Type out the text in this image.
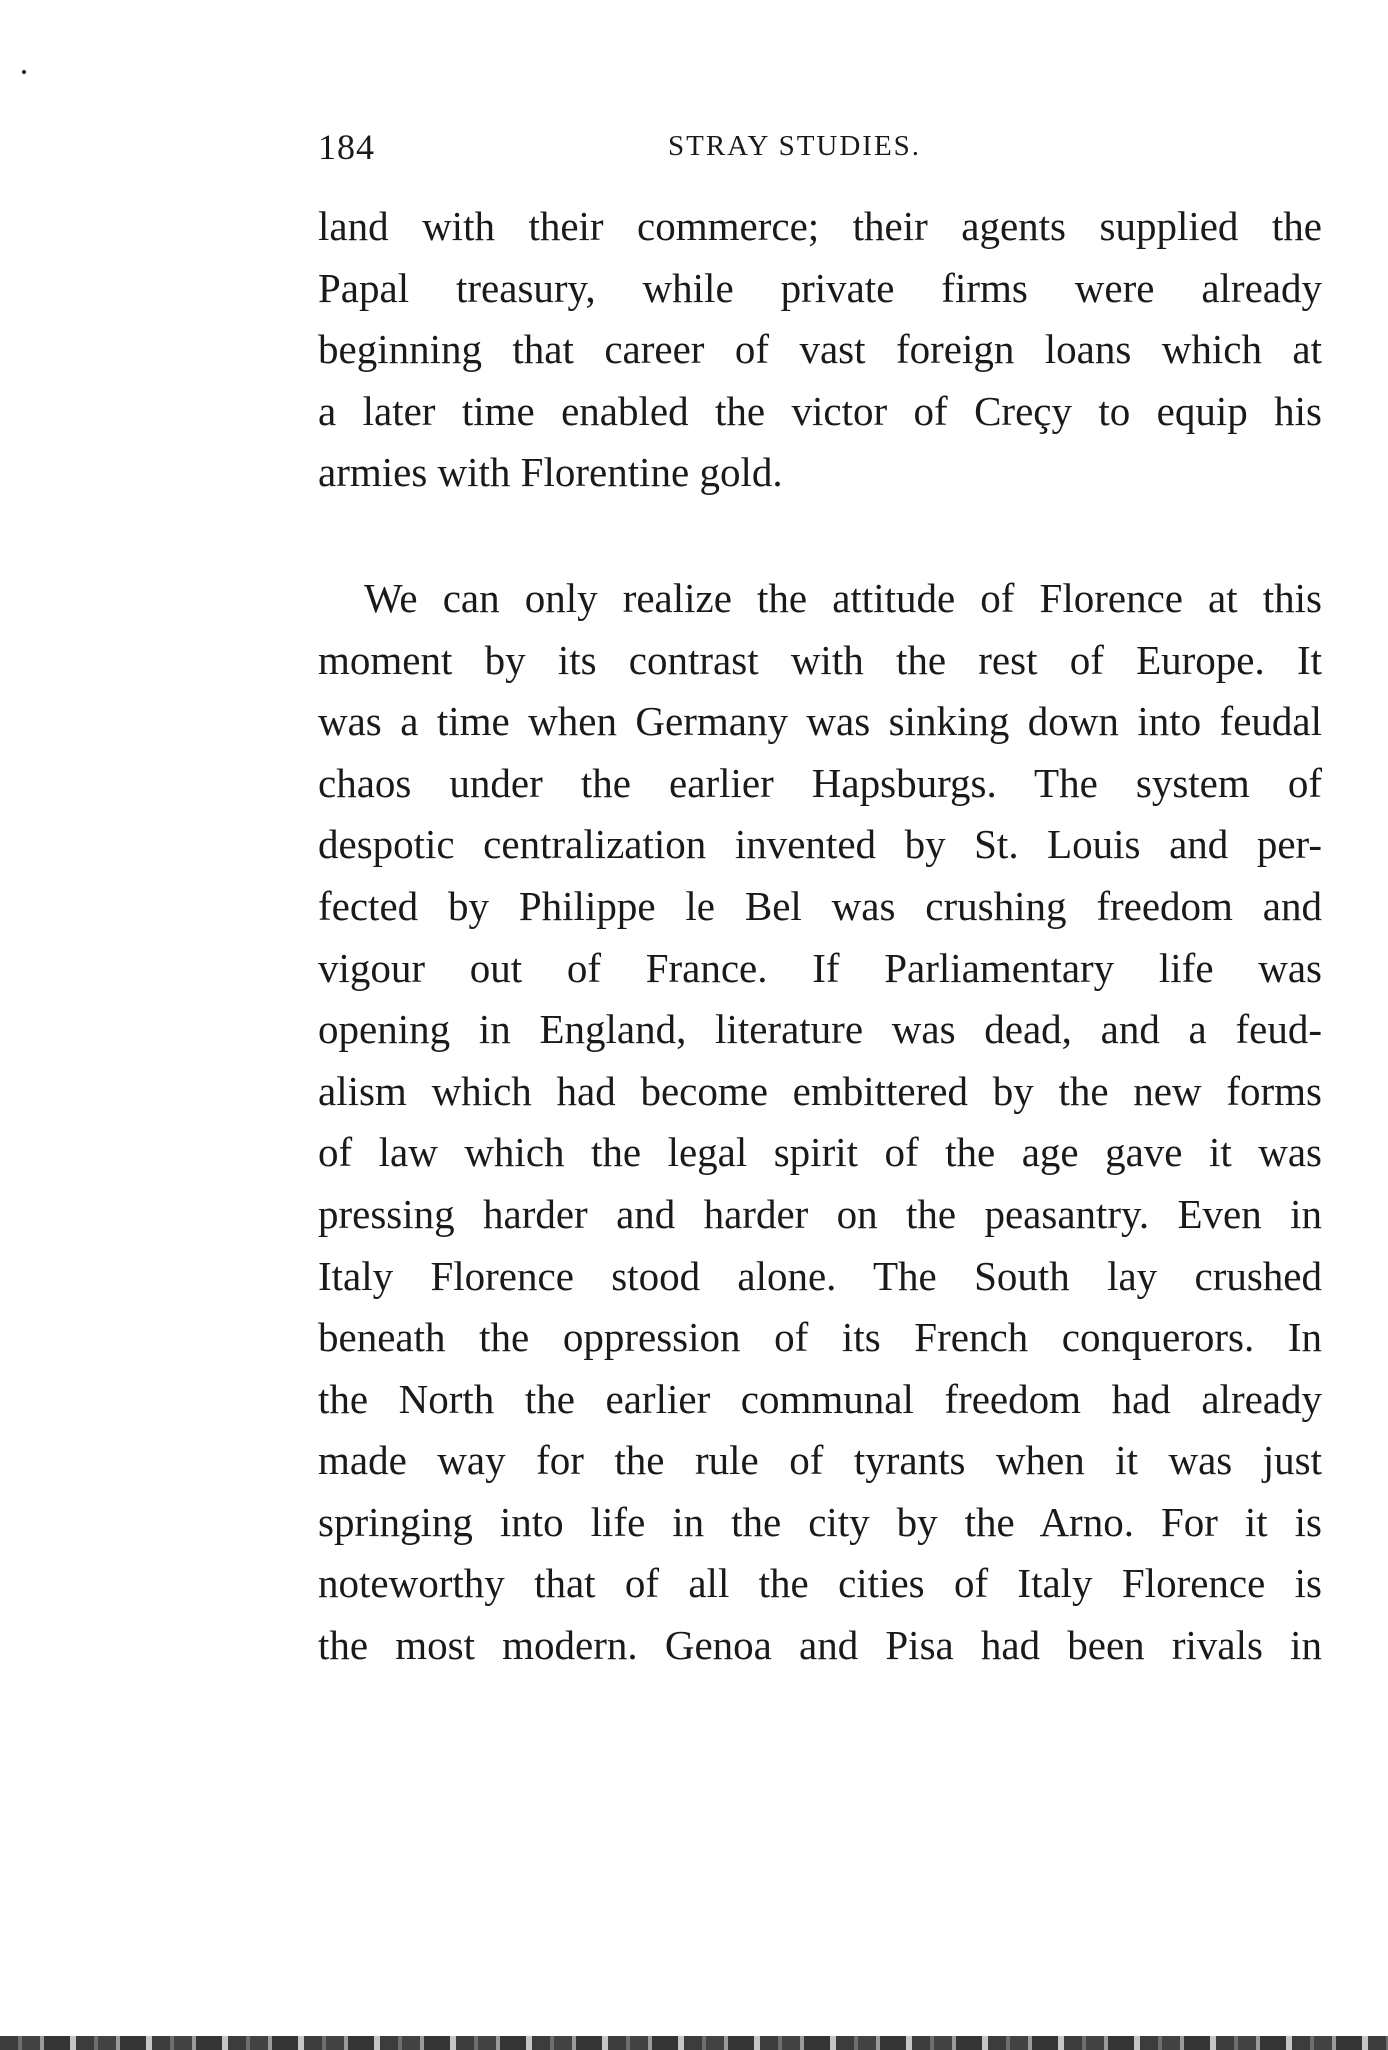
184	STRAY STUDIES.
land with their commerce; their agents supplied the
Papal treasury, while private firms were already
beginning that career of vast foreign loans which at
a later time enabled the victor of Creçy to equip his
armies with Florentine gold.
We can only realize the attitude of Florence at this
moment by its contrast with the rest of Europe. It
was a time when Germany was sinking down into feudal
chaos under the earlier Hapsburgs. The system of
despotic centralization invented by St. Louis and per-
fected by Philippe le Bel was crushing freedom and
vigour out of France. If Parliamentary life was
opening in England, literature was dead, and a feud-
alism which had become embittered by the new forms
of law which the legal spirit of the age gave it was
pressing harder and harder on the peasantry. Even in
Italy Florence stood alone. The South lay crushed
beneath the oppression of its French conquerors. In
the North the earlier communal freedom had already
made way for the rule of tyrants when it was just
springing into life in the city by the Arno. For it is
noteworthy that of all the cities of Italy Florence is
the most modern. Genoa and Pisa had been rivals in
